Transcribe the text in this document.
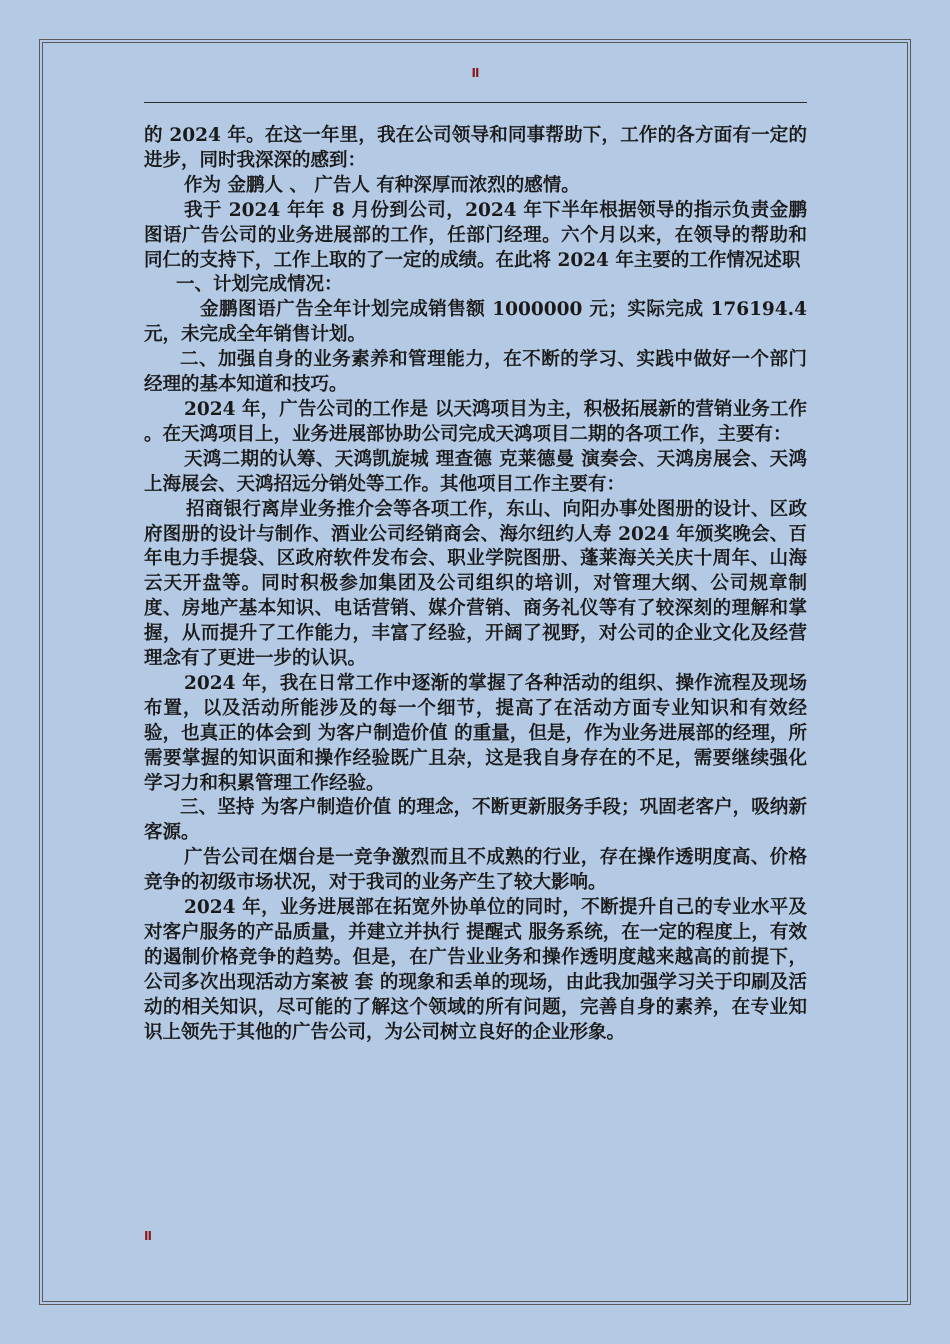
II

的 2024 年。在这一年里，我在公司领导和同事帮助下，工作的各方面有一定的进步，同时我深深的感到：

作为 金鹏人 、 广告人 有种深厚而浓烈的感情。

我于 2024 年年 8 月份到公司，2024 年下半年根据领导的指示负责金鹏图语广告公司的业务进展部的工作，任部门经理。六个月以来，在领导的帮助和同仁的支持下，工作上取的了一定的成绩。在此将 2024 年主要的工作情况述职

一、计划完成情况：

金鹏图语广告全年计划完成销售额 1000000 元；实际完成 176194.4 元，未完成全年销售计划。

二、加强自身的业务素养和管理能力，在不断的学习、实践中做好一个部门经理的基本知道和技巧。

2024 年，广告公司的工作是 以天鸿项目为主，积极拓展新的营销业务工作 。在天鸿项目上，业务进展部协助公司完成天鸿项目二期的各项工作，主要有：

天鸿二期的认筹、天鸿凯旋城 理查德 克莱德曼 演奏会、天鸿房展会、天鸿上海展会、天鸿招远分销处等工作。其他项目工作主要有：

招商银行离岸业务推介会等各项工作，东山、向阳办事处图册的设计、区政府图册的设计与制作、酒业公司经销商会、海尔纽约人寿 2024 年颁奖晚会、百年电力手提袋、区政府软件发布会、职业学院图册、蓬莱海关关庆十周年、山海云天开盘等。同时积极参加集团及公司组织的培训，对管理大纲、公司规章制度、房地产基本知识、电话营销、媒介营销、商务礼仪等有了较深刻的理解和掌握，从而提升了工作能力，丰富了经验，开阔了视野，对公司的企业文化及经营理念有了更进一步的认识。

2024 年，我在日常工作中逐渐的掌握了各种活动的组织、操作流程及现场布置，以及活动所能涉及的每一个细节，提高了在活动方面专业知识和有效经验，也真正的体会到 为客户制造价值 的重量，但是，作为业务进展部的经理，所需要掌握的知识面和操作经验既广且杂，这是我自身存在的不足，需要继续强化学习力和积累管理工作经验。

三、坚持 为客户制造价值 的理念，不断更新服务手段；巩固老客户，吸纳新客源。

广告公司在烟台是一竞争激烈而且不成熟的行业，存在操作透明度高、价格竞争的初级市场状况，对于我司的业务产生了较大影响。

2024 年，业务进展部在拓宽外协单位的同时，不断提升自己的专业水平及对客户服务的产品质量，并建立并执行 提醒式 服务系统，在一定的程度上，有效的遏制价格竞争的趋势。但是，在广告业业务和操作透明度越来越高的前提下，公司多次出现活动方案被 套 的现象和丢单的现场，由此我加强学习关于印刷及活动的相关知识，尽可能的了解这个领域的所有问题，完善自身的素养，在专业知识上领先于其他的广告公司，为公司树立良好的企业形象。

II
